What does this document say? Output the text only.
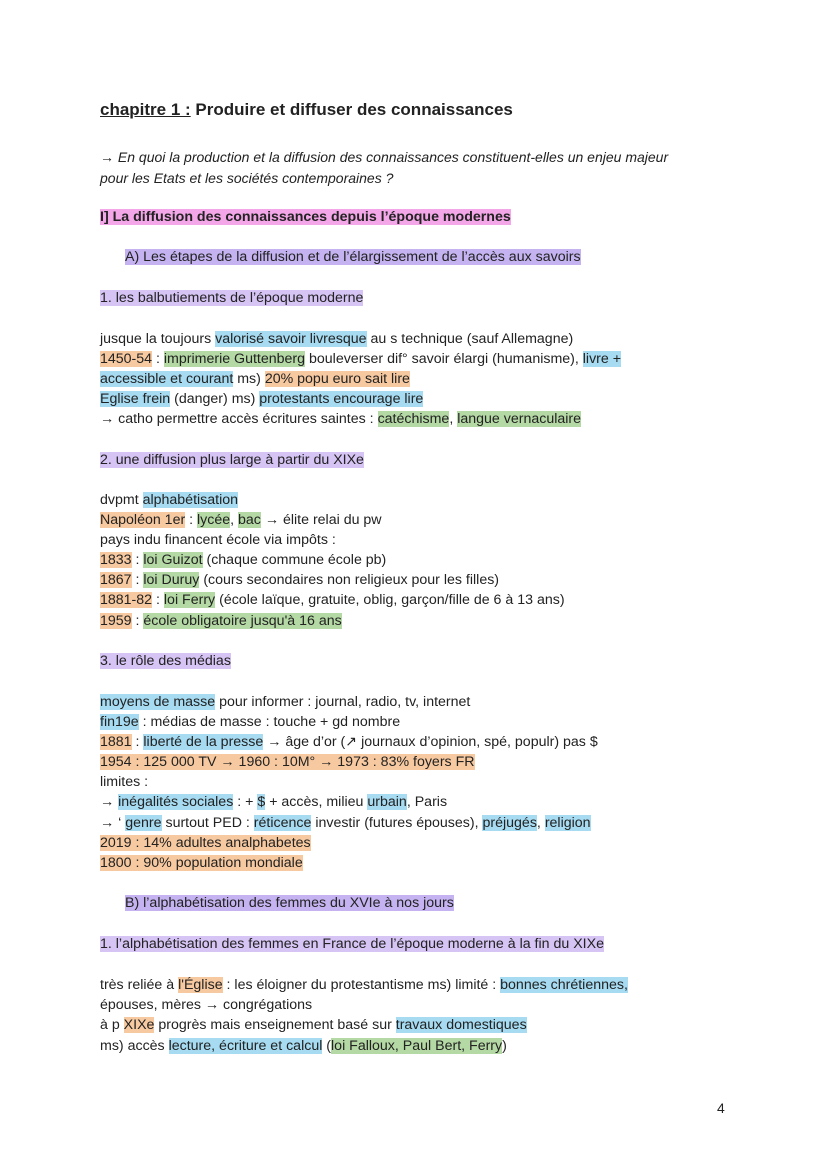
chapitre 1 : Produire et diffuser des connaissances
→ En quoi la production et la diffusion des connaissances constituent-elles un enjeu majeur
pour les Etats et les sociétés contemporaines ?
I] La diffusion des connaissances depuis l’époque modernes
A) Les étapes de la diffusion et de l’élargissement de l’accès aux savoirs
1. les balbutiements de l’époque moderne
jusque la toujours valorisé savoir livresque au s technique (sauf Allemagne)
1450-54 : imprimerie Guttenberg bouleverser dif° savoir élargi (humanisme), livre +
accessible et courant ms) 20% popu euro sait lire
Eglise frein (danger) ms) protestants encourage lire
→ catho permettre accès écritures saintes : catéchisme, langue vernaculaire
2. une diffusion plus large à partir du XIXe
dvpmt alphabétisation
Napoléon 1er : lycée, bac → élite relai du pw
pays indu financent école via impôts :
1833 : loi Guizot (chaque commune école pb)
1867 : loi Duruy (cours secondaires non religieux pour les filles)
1881-82 : loi Ferry (école laïque, gratuite, oblig, garçon/fille de 6 à 13 ans)
1959 : école obligatoire jusqu'à 16 ans
3. le rôle des médias
moyens de masse pour informer : journal, radio, tv, internet
fin19e : médias de masse : touche + gd nombre
1881 : liberté de la presse → âge d’or (↗ journaux d’opinion, spé, populr) pas $
1954 : 125 000 TV → 1960 : 10M° → 1973 : 83% foyers FR
limites :
→ inégalités sociales : + $ + accès, milieu urbain, Paris
→ ‘ genre surtout PED : réticence investir (futures épouses), préjugés, religion
2019 : 14% adultes analphabetes
1800 : 90% population mondiale
B) l’alphabétisation des femmes du XVIe à nos jours
1. l’alphabétisation des femmes en France de l’époque moderne à la fin du XIXe
très reliée à l'Église : les éloigner du protestantisme ms) limité : bonnes chrétiennes,
épouses, mères → congrégations
à p XIXe progrès mais enseignement basé sur travaux domestiques
ms) accès lecture, écriture et calcul (loi Falloux, Paul Bert, Ferry)
4
